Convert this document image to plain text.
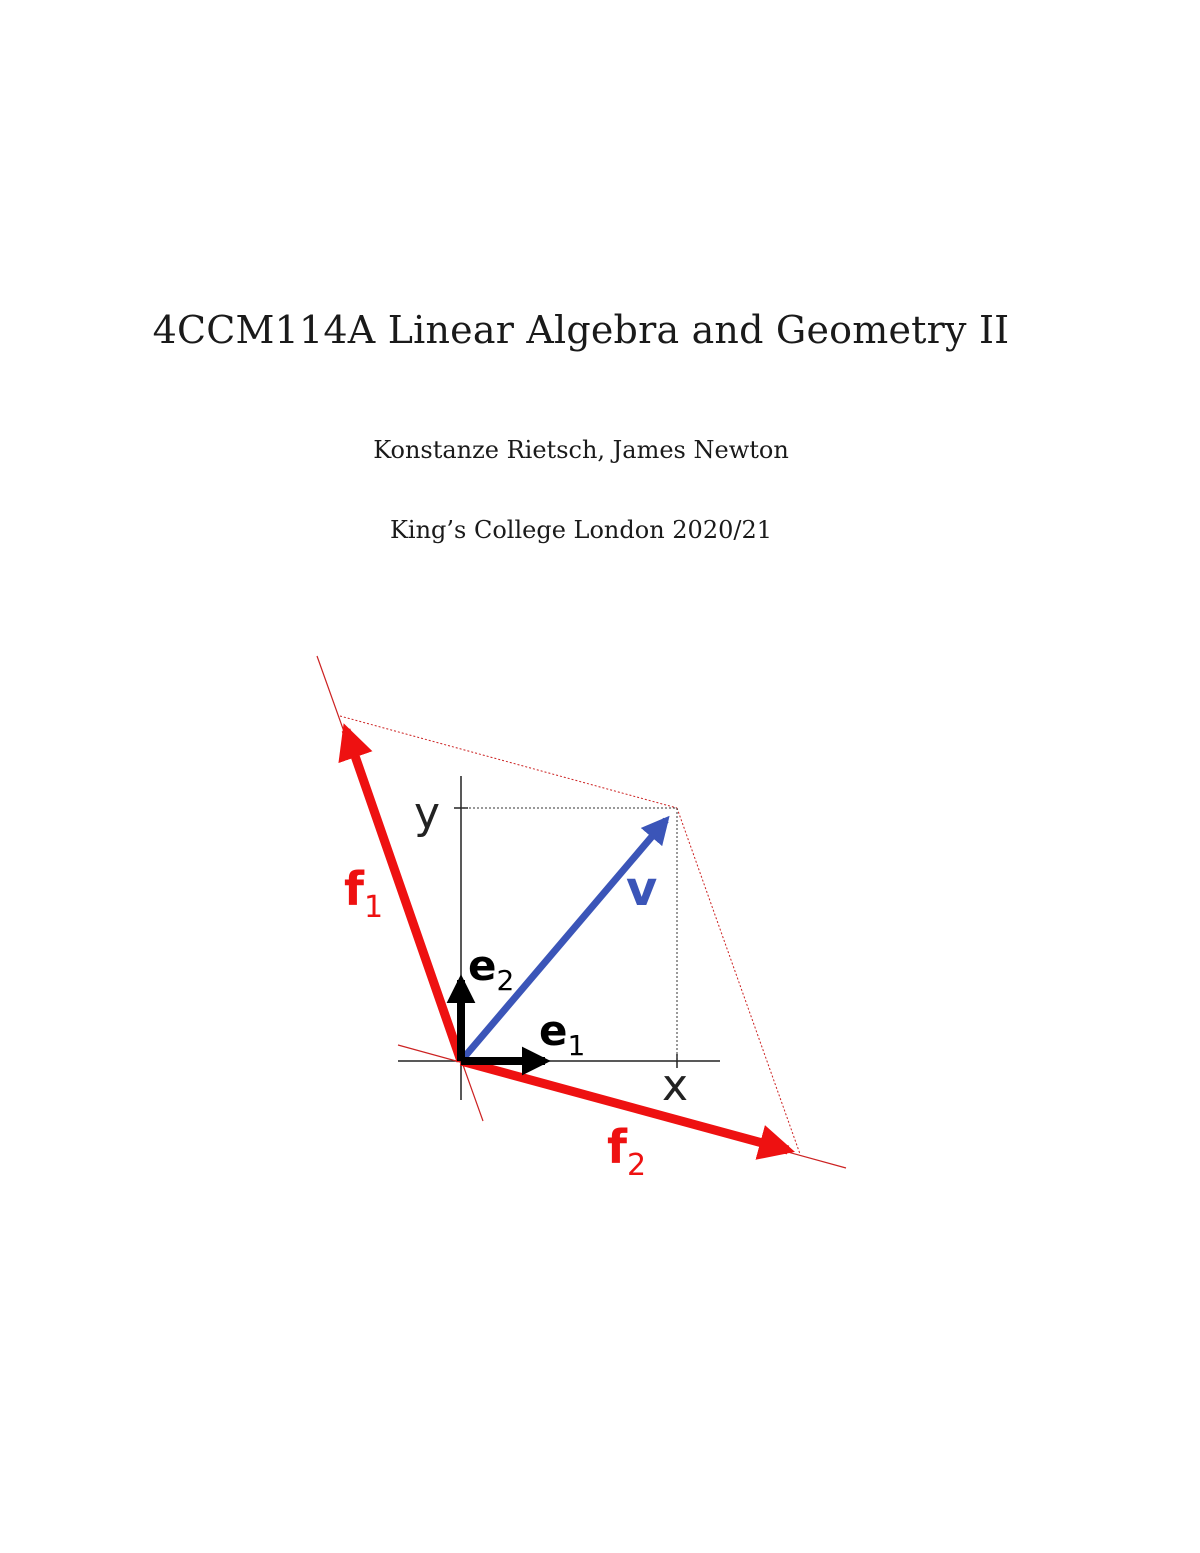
4CCM114A Linear Algebra and Geometry II

Konstanze Rietsch, James Newton

King’s College London 2020/21

y
x
v
$f_1$
$f_2$
$e_1$
$e_2$
